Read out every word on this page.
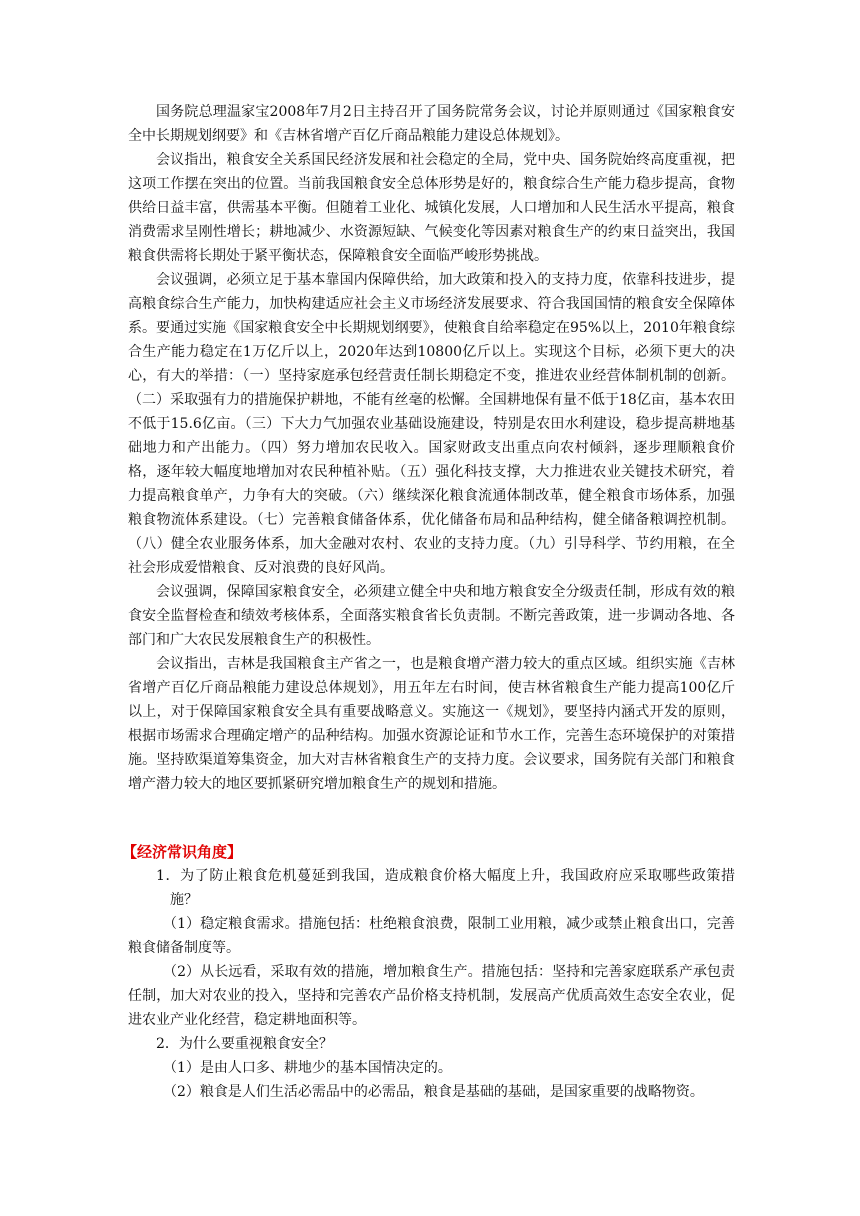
国务院总理温家宝2008年7月2日主持召开了国务院常务会议，讨论并原则通过《国家粮食安全中长期规划纲要》和《吉林省增产百亿斤商品粮能力建设总体规划》。

会议指出，粮食安全关系国民经济发展和社会稳定的全局，党中央、国务院始终高度重视，把这项工作摆在突出的位置。当前我国粮食安全总体形势是好的，粮食综合生产能力稳步提高，食物供给日益丰富，供需基本平衡。但随着工业化、城镇化发展，人口增加和人民生活水平提高，粮食消费需求呈刚性增长；耕地减少、水资源短缺、气候变化等因素对粮食生产的约束日益突出，我国粮食供需将长期处于紧平衡状态，保障粮食安全面临严峻形势挑战。

会议强调，必须立足于基本靠国内保障供给，加大政策和投入的支持力度，依靠科技进步，提高粮食综合生产能力，加快构建适应社会主义市场经济发展要求、符合我国国情的粮食安全保障体系。要通过实施《国家粮食安全中长期规划纲要》，使粮食自给率稳定在95%以上，2010年粮食综合生产能力稳定在1万亿斤以上，2020年达到10800亿斤以上。实现这个目标，必须下更大的决心，有大的举措：（一）坚持家庭承包经营责任制长期稳定不变，推进农业经营体制机制的创新。（二）采取强有力的措施保护耕地，不能有丝毫的松懈。全国耕地保有量不低于18亿亩，基本农田不低于15.6亿亩。（三）下大力气加强农业基础设施建设，特别是农田水利建设，稳步提高耕地基础地力和产出能力。（四）努力增加农民收入。国家财政支出重点向农村倾斜，逐步理顺粮食价格，逐年较大幅度地增加对农民种植补贴。（五）强化科技支撑，大力推进农业关键技术研究，着力提高粮食单产，力争有大的突破。（六）继续深化粮食流通体制改革，健全粮食市场体系，加强粮食物流体系建设。（七）完善粮食储备体系，优化储备布局和品种结构，健全储备粮调控机制。（八）健全农业服务体系，加大金融对农村、农业的支持力度。（九）引导科学、节约用粮，在全社会形成爱惜粮食、反对浪费的良好风尚。

会议强调，保障国家粮食安全，必须建立健全中央和地方粮食安全分级责任制，形成有效的粮食安全监督检查和绩效考核体系，全面落实粮食省长负责制。不断完善政策，进一步调动各地、各部门和广大农民发展粮食生产的积极性。

会议指出，吉林是我国粮食主产省之一，也是粮食增产潜力较大的重点区域。组织实施《吉林省增产百亿斤商品粮能力建设总体规划》，用五年左右时间，使吉林省粮食生产能力提高100亿斤以上，对于保障国家粮食安全具有重要战略意义。实施这一《规划》，要坚持内涵式开发的原则，根据市场需求合理确定增产的品种结构。加强水资源论证和节水工作，完善生态环境保护的对策措施。坚持欧渠道筹集资金，加大对吉林省粮食生产的支持力度。会议要求，国务院有关部门和粮食增产潜力较大的地区要抓紧研究增加粮食生产的规划和措施。

【经济常识角度】

1．为了防止粮食危机蔓延到我国，造成粮食价格大幅度上升，我国政府应采取哪些政策措施？

（1）稳定粮食需求。措施包括：杜绝粮食浪费，限制工业用粮，减少或禁止粮食出口，完善粮食储备制度等。

（2）从长远看，采取有效的措施，增加粮食生产。措施包括：坚持和完善家庭联系产承包责任制，加大对农业的投入，坚持和完善农产品价格支持机制，发展高产优质高效生态安全农业，促进农业产业化经营，稳定耕地面积等。

2．为什么要重视粮食安全？

（1）是由人口多、耕地少的基本国情决定的。

（2）粮食是人们生活必需品中的必需品，粮食是基础的基础，是国家重要的战略物资。
